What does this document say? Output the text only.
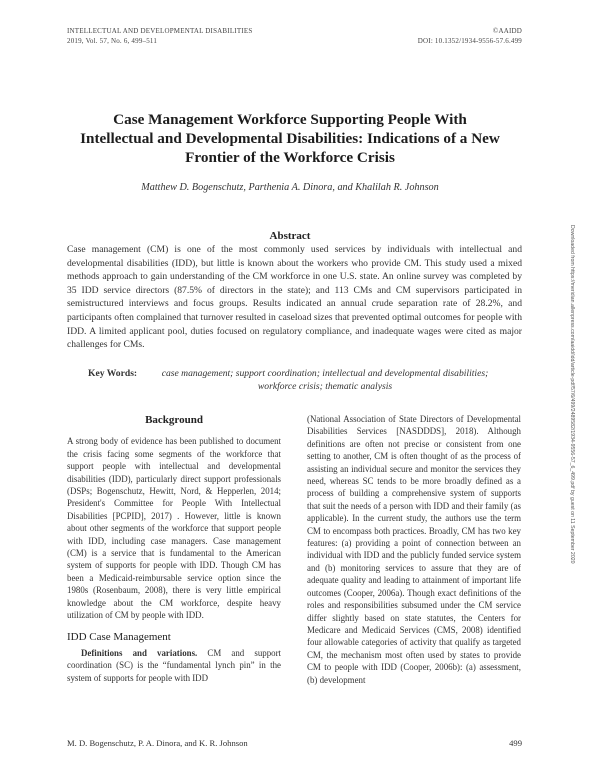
INTELLECTUAL AND DEVELOPMENTAL DISABILITIES
2019, Vol. 57, No. 6, 499–511
©AAIDD
DOI: 10.1352/1934-9556-57.6.499
Case Management Workforce Supporting People With
Intellectual and Developmental Disabilities: Indications of a New
Frontier of the Workforce Crisis
Matthew D. Bogenschutz, Parthenia A. Dinora, and Khalilah R. Johnson
Abstract
Case management (CM) is one of the most commonly used services by individuals with intellectual and developmental disabilities (IDD), but little is known about the workers who provide CM. This study used a mixed methods approach to gain understanding of the CM workforce in one U.S. state. An online survey was completed by 35 IDD service directors (87.5% of directors in the state); and 113 CMs and CM supervisors participated in semistructured interviews and focus groups. Results indicated an annual crude separation rate of 28.2%, and participants often complained that turnover resulted in caseload sizes that prevented optimal outcomes for people with IDD. A limited applicant pool, duties focused on regulatory compliance, and inadequate wages were cited as major challenges for CMs.
Key Words:	case management; support coordination; intellectual and developmental disabilities; workforce crisis; thematic analysis
Background

A strong body of evidence has been published to document the crisis facing some segments of the workforce that support people with intellectual and developmental disabilities (IDD), particularly direct support professionals (DSPs; Bogenschutz, Hewitt, Nord, & Hepperlen, 2014; President's Committee for People With Intellectual Disabilities [PCPID], 2017) . However, little is known about other segments of the workforce that support people with IDD, including case managers. Case management (CM) is a service that is fundamental to the American system of supports for people with IDD. Though CM has been a Medicaid-reimbursable service option since the 1980s (Rosenbaum, 2008), there is very little empirical knowledge about the CM workforce, despite heavy utilization of CM by people with IDD.

IDD Case Management

Definitions and variations. CM and support coordination (SC) is the “fundamental lynch pin” in the system of supports for people with IDD

(National Association of State Directors of Developmental Disabilities Services [NASDDDS], 2018). Although definitions are often not precise or consistent from one setting to another, CM is often thought of as the process of assisting an individual secure and monitor the services they need, whereas SC tends to be more broadly defined as a process of building a comprehensive system of supports that suit the needs of a person with IDD and their family (as applicable). In the current study, the authors use the term CM to encompass both practices. Broadly, CM has two key features: (a) providing a point of connection between an individual with IDD and the publicly funded service system and (b) monitoring services to assure that they are of adequate quality and leading to attainment of important life outcomes (Cooper, 2006a). Though exact definitions of the roles and responsibilities subsumed under the CM service differ slightly based on state statutes, the Centers for Medicare and Medicaid Services (CMS, 2008) identified four allowable categories of activity that qualify as targeted CM, the mechanism most often used by states to provide CM to people with IDD (Cooper, 2006b): (a) assessment, (b) development

Downloaded from https://meridian.allenpress.com/aaidd/idd/article-pdf/57/6/499/2489582/1934-9556-57_6_499.pdf by guest on 11 September 2020
M. D. Bogenschutz, P. A. Dinora, and K. R. Johnson	499
